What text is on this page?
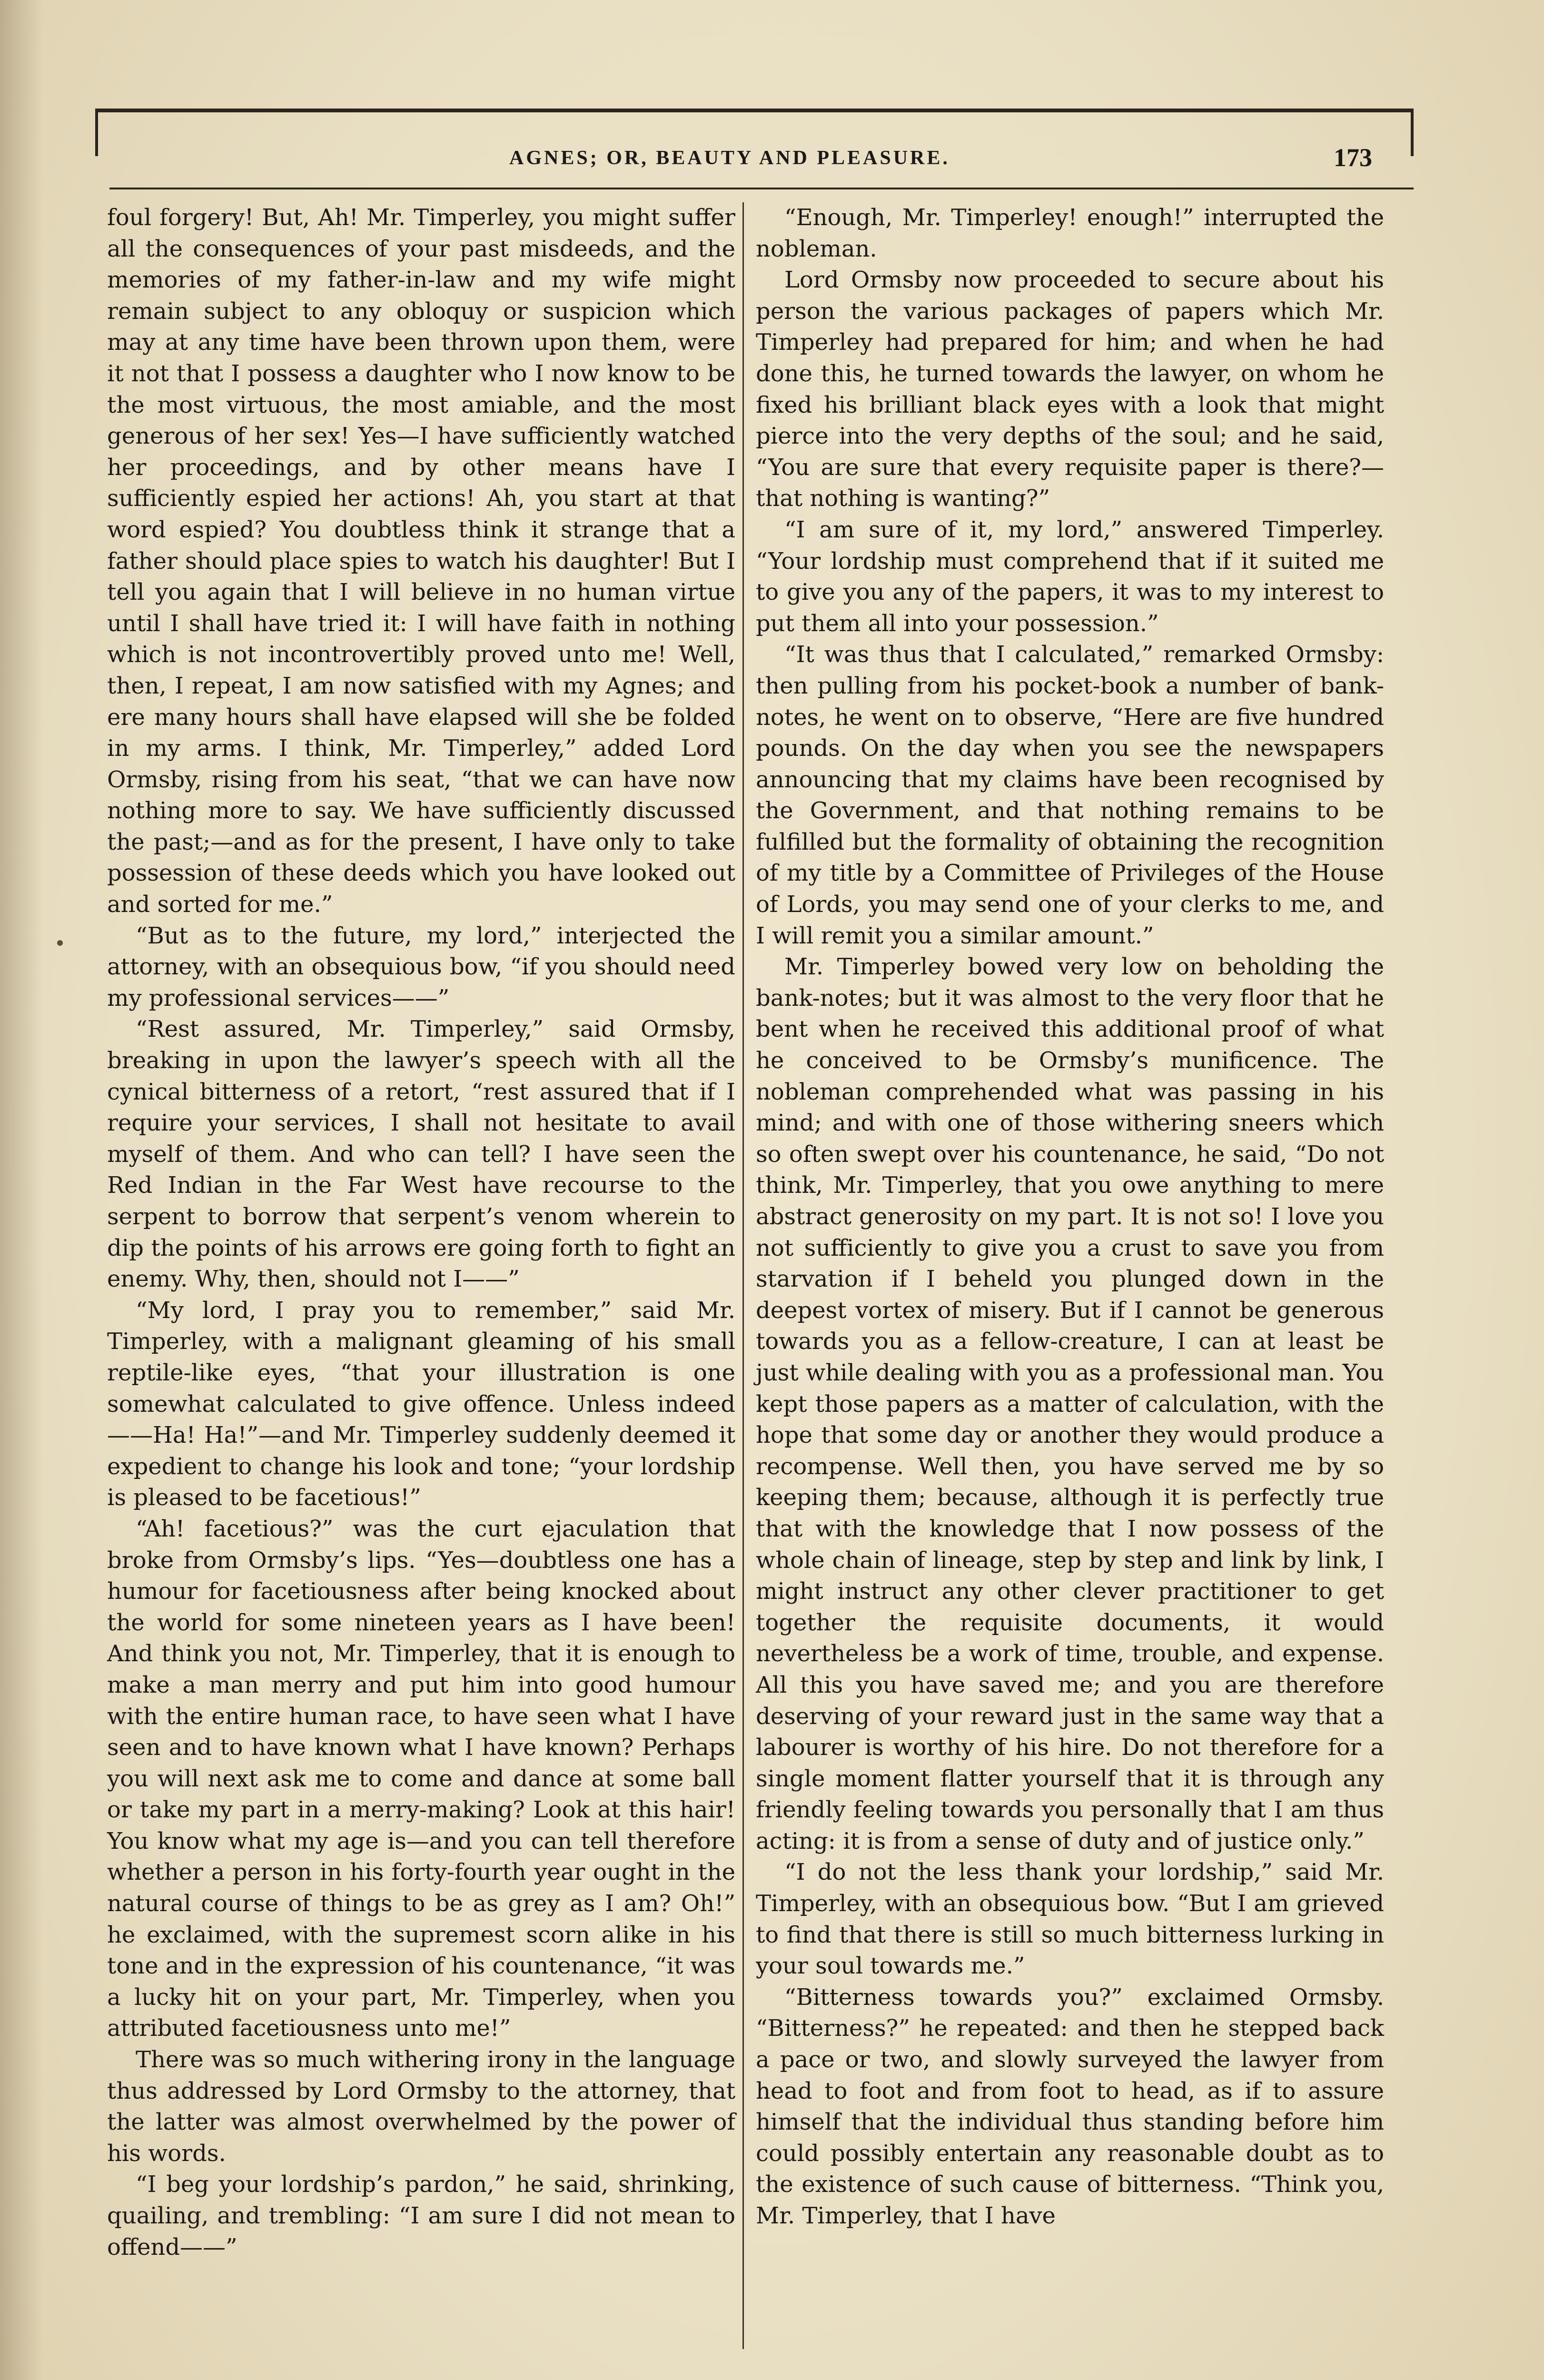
AGNES; OR, BEAUTY AND PLEASURE.	173

foul forgery! But, Ah! Mr. Timperley, you might suffer all the consequences of your past misdeeds, and the memories of my father-in-law and my wife might remain subject to any obloquy or suspicion which may at any time have been thrown upon them, were it not that I possess a daughter who I now know to be the most virtuous, the most amiable, and the most generous of her sex! Yes—I have sufficiently watched her proceedings, and by other means have I sufficiently espied her actions! Ah, you start at that word espied? You doubtless think it strange that a father should place spies to watch his daughter! But I tell you again that I will believe in no human virtue until I shall have tried it: I will have faith in nothing which is not incontrovertibly proved unto me! Well, then, I repeat, I am now satisfied with my Agnes; and ere many hours shall have elapsed will she be folded in my arms. I think, Mr. Timperley,” added Lord Ormsby, rising from his seat, “that we can have now nothing more to say. We have sufficiently discussed the past;—and as for the present, I have only to take possession of these deeds which you have looked out and sorted for me.”

“But as to the future, my lord,” interjected the attorney, with an obsequious bow, “if you should need my professional services——”

“Rest assured, Mr. Timperley,” said Ormsby, breaking in upon the lawyer’s speech with all the cynical bitterness of a retort, “rest assured that if I require your services, I shall not hesitate to avail myself of them. And who can tell? I have seen the Red Indian in the Far West have recourse to the serpent to borrow that serpent’s venom wherein to dip the points of his arrows ere going forth to fight an enemy. Why, then, should not I——”

“My lord, I pray you to remember,” said Mr. Timperley, with a malignant gleaming of his small reptile-like eyes, “that your illustration is one somewhat calculated to give offence. Unless indeed——Ha! Ha!”—and Mr. Timperley suddenly deemed it expedient to change his look and tone; “your lordship is pleased to be facetious!”

“Ah! facetious?” was the curt ejaculation that broke from Ormsby’s lips. “Yes—doubtless one has a humour for facetiousness after being knocked about the world for some nineteen years as I have been! And think you not, Mr. Timperley, that it is enough to make a man merry and put him into good humour with the entire human race, to have seen what I have seen and to have known what I have known? Perhaps you will next ask me to come and dance at some ball or take my part in a merry-making? Look at this hair! You know what my age is—and you can tell therefore whether a person in his forty-fourth year ought in the natural course of things to be as grey as I am? Oh!” he exclaimed, with the supremest scorn alike in his tone and in the expression of his countenance, “it was a lucky hit on your part, Mr. Timperley, when you attributed facetiousness unto me!”

There was so much withering irony in the language thus addressed by Lord Ormsby to the attorney, that the latter was almost overwhelmed by the power of his words.

“I beg your lordship’s pardon,” he said, shrinking, quailing, and trembling: “I am sure I did not mean to offend——”

“Enough, Mr. Timperley! enough!” interrupted the nobleman.

Lord Ormsby now proceeded to secure about his person the various packages of papers which Mr. Timperley had prepared for him; and when he had done this, he turned towards the lawyer, on whom he fixed his brilliant black eyes with a look that might pierce into the very depths of the soul; and he said, “You are sure that every requisite paper is there?—that nothing is wanting?”

“I am sure of it, my lord,” answered Timperley. “Your lordship must comprehend that if it suited me to give you any of the papers, it was to my interest to put them all into your possession.”

“It was thus that I calculated,” remarked Ormsby: then pulling from his pocket-book a number of bank-notes, he went on to observe, “Here are five hundred pounds. On the day when you see the newspapers announcing that my claims have been recognised by the Government, and that nothing remains to be fulfilled but the formality of obtaining the recognition of my title by a Committee of Privileges of the House of Lords, you may send one of your clerks to me, and I will remit you a similar amount.”

Mr. Timperley bowed very low on beholding the bank-notes; but it was almost to the very floor that he bent when he received this additional proof of what he conceived to be Ormsby’s munificence. The nobleman comprehended what was passing in his mind; and with one of those withering sneers which so often swept over his countenance, he said, “Do not think, Mr. Timperley, that you owe anything to mere abstract generosity on my part. It is not so! I love you not sufficiently to give you a crust to save you from starvation if I beheld you plunged down in the deepest vortex of misery. But if I cannot be generous towards you as a fellow-creature, I can at least be just while dealing with you as a professional man. You kept those papers as a matter of calculation, with the hope that some day or another they would produce a recompense. Well then, you have served me by so keeping them; because, although it is perfectly true that with the knowledge that I now possess of the whole chain of lineage, step by step and link by link, I might instruct any other clever practitioner to get together the requisite documents, it would nevertheless be a work of time, trouble, and expense. All this you have saved me; and you are therefore deserving of your reward just in the same way that a labourer is worthy of his hire. Do not therefore for a single moment flatter yourself that it is through any friendly feeling towards you personally that I am thus acting: it is from a sense of duty and of justice only.”

“I do not the less thank your lordship,” said Mr. Timperley, with an obsequious bow. “But I am grieved to find that there is still so much bitterness lurking in your soul towards me.”

“Bitterness towards you?” exclaimed Ormsby. “Bitterness?” he repeated: and then he stepped back a pace or two, and slowly surveyed the lawyer from head to foot and from foot to head, as if to assure himself that the individual thus standing before him could possibly entertain any reasonable doubt as to the existence of such cause of bitterness. “Think you, Mr. Timperley, that I have
